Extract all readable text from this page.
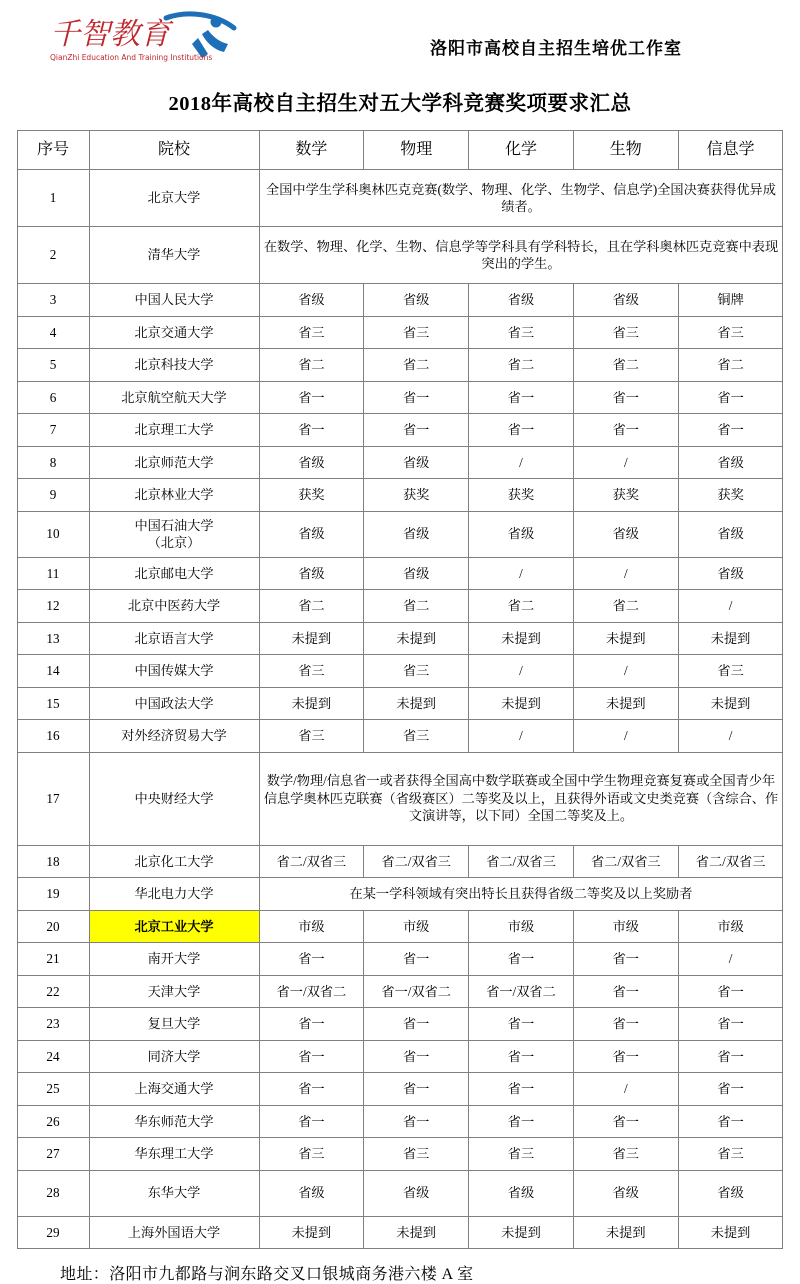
千智教育
QianZhi Education And Training Institutions	洛阳市高校自主招生培优工作室
2018年高校自主招生对五大学科竞赛奖项要求汇总
序号	院校	数学	物理	化学	生物	信息学
1	北京大学	全国中学生学科奥林匹克竞赛(数学、物理、化学、生物学、信息学)全国决赛获得优异成绩者。				
2	清华大学	在数学、物理、化学、生物、信息学等学科具有学科特长，且在学科奥林匹克竞赛中表现突出的学生。				
3	中国人民大学	省级	省级	省级	省级	铜牌
4	北京交通大学	省三	省三	省三	省三	省三
5	北京科技大学	省二	省二	省二	省二	省二
6	北京航空航天大学	省一	省一	省一	省一	省一
7	北京理工大学	省一	省一	省一	省一	省一
8	北京师范大学	省级	省级	/	/	省级
9	北京林业大学	获奖	获奖	获奖	获奖	获奖
10	中国石油大学
（北京）	省级	省级	省级	省级	省级
11	北京邮电大学	省级	省级	/	/	省级
12	北京中医药大学	省二	省二	省二	省二	/
13	北京语言大学	未提到	未提到	未提到	未提到	未提到
14	中国传媒大学	省三	省三	/	/	省三
15	中国政法大学	未提到	未提到	未提到	未提到	未提到
16	对外经济贸易大学	省三	省三	/	/	/
17	中央财经大学	数学/物理/信息省一或者获得全国高中数学联赛或全国中学生物理竞赛复赛或全国青少年信息学奥林匹克联赛（省级赛区）二等奖及以上，且获得外语或文史类竞赛（含综合、作文演讲等，以下同）全国二等奖及上。				
18	北京化工大学	省二/双省三	省二/双省三	省二/双省三	省二/双省三	省二/双省三
19	华北电力大学	在某一学科领域有突出特长且获得省级二等奖及以上奖励者				
20	北京工业大学	市级	市级	市级	市级	市级
21	南开大学	省一	省一	省一	省一	/
22	天津大学	省一/双省二	省一/双省二	省一/双省二	省一	省一
23	复旦大学	省一	省一	省一	省一	省一
24	同济大学	省一	省一	省一	省一	省一
25	上海交通大学	省一	省一	省一	/	省一
26	华东师范大学	省一	省一	省一	省一	省一
27	华东理工大学	省三	省三	省三	省三	省三
28	东华大学	省级	省级	省级	省级	省级
29	上海外国语大学	未提到	未提到	未提到	未提到	未提到
地址：洛阳市九都路与涧东路交叉口银城商务港六楼 A 室
